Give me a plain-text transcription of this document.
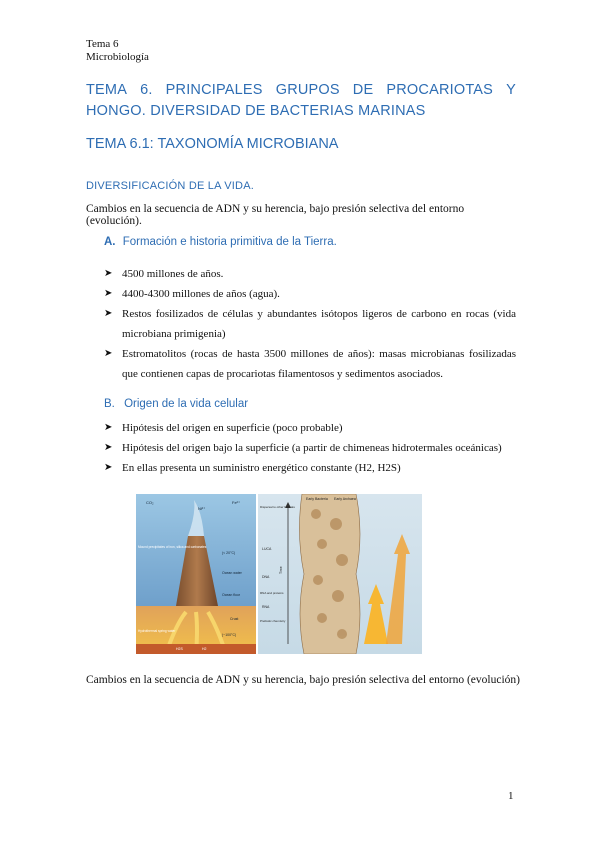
Tema 6
Microbiología
TEMA 6. PRINCIPALES GRUPOS DE PROCARIOTAS Y
HONGO. DIVERSIDAD DE BACTERIAS MARINAS
TEMA 6.1: TAXONOMÍA MICROBIANA
DIVERSIFICACIÓN DE LA VIDA.
Cambios en la secuencia de ADN y su herencia, bajo presión selectiva del entorno (evolución).
A. Formación e historia primitiva de la Tierra.
➤ 4500 millones de años.
➤ 4400-4300 millones de años (agua).
➤ Restos fosilizados de células y abundantes isótopos ligeros de carbono en rocas (vida microbiana primigenia)
➤ Estromatolitos (rocas de hasta 3500 millones de años): masas microbianas fosilizadas que contienen capas de procariotas filamentosos y sedimentos asociados.
B. Origen de la vida celular
➤ Hipótesis del origen en superficie (poco probable)
➤ Hipótesis del origen bajo la superficie (a partir de chimeneas hidrotermales oceánicas)
➤ En ellas presenta un suministro energético constante (H2, H2S)
CO₂	Fe²⁺
Ni²⁺
Mound precipitates of iron, silica and carbonates
(< 20°C)
Ocean water
Ocean floor
Crust
Hydrothermal spring water
(~100°C)
H2S	H2
Time
Early Bacteria Early Archaea
Dispersal to other habitats
LUCA
DNA
RNA and proteins
RNA
Prebiotic chemistry
Cambios en la secuencia de ADN y su herencia, bajo presión selectiva del entorno (evolución)
1
